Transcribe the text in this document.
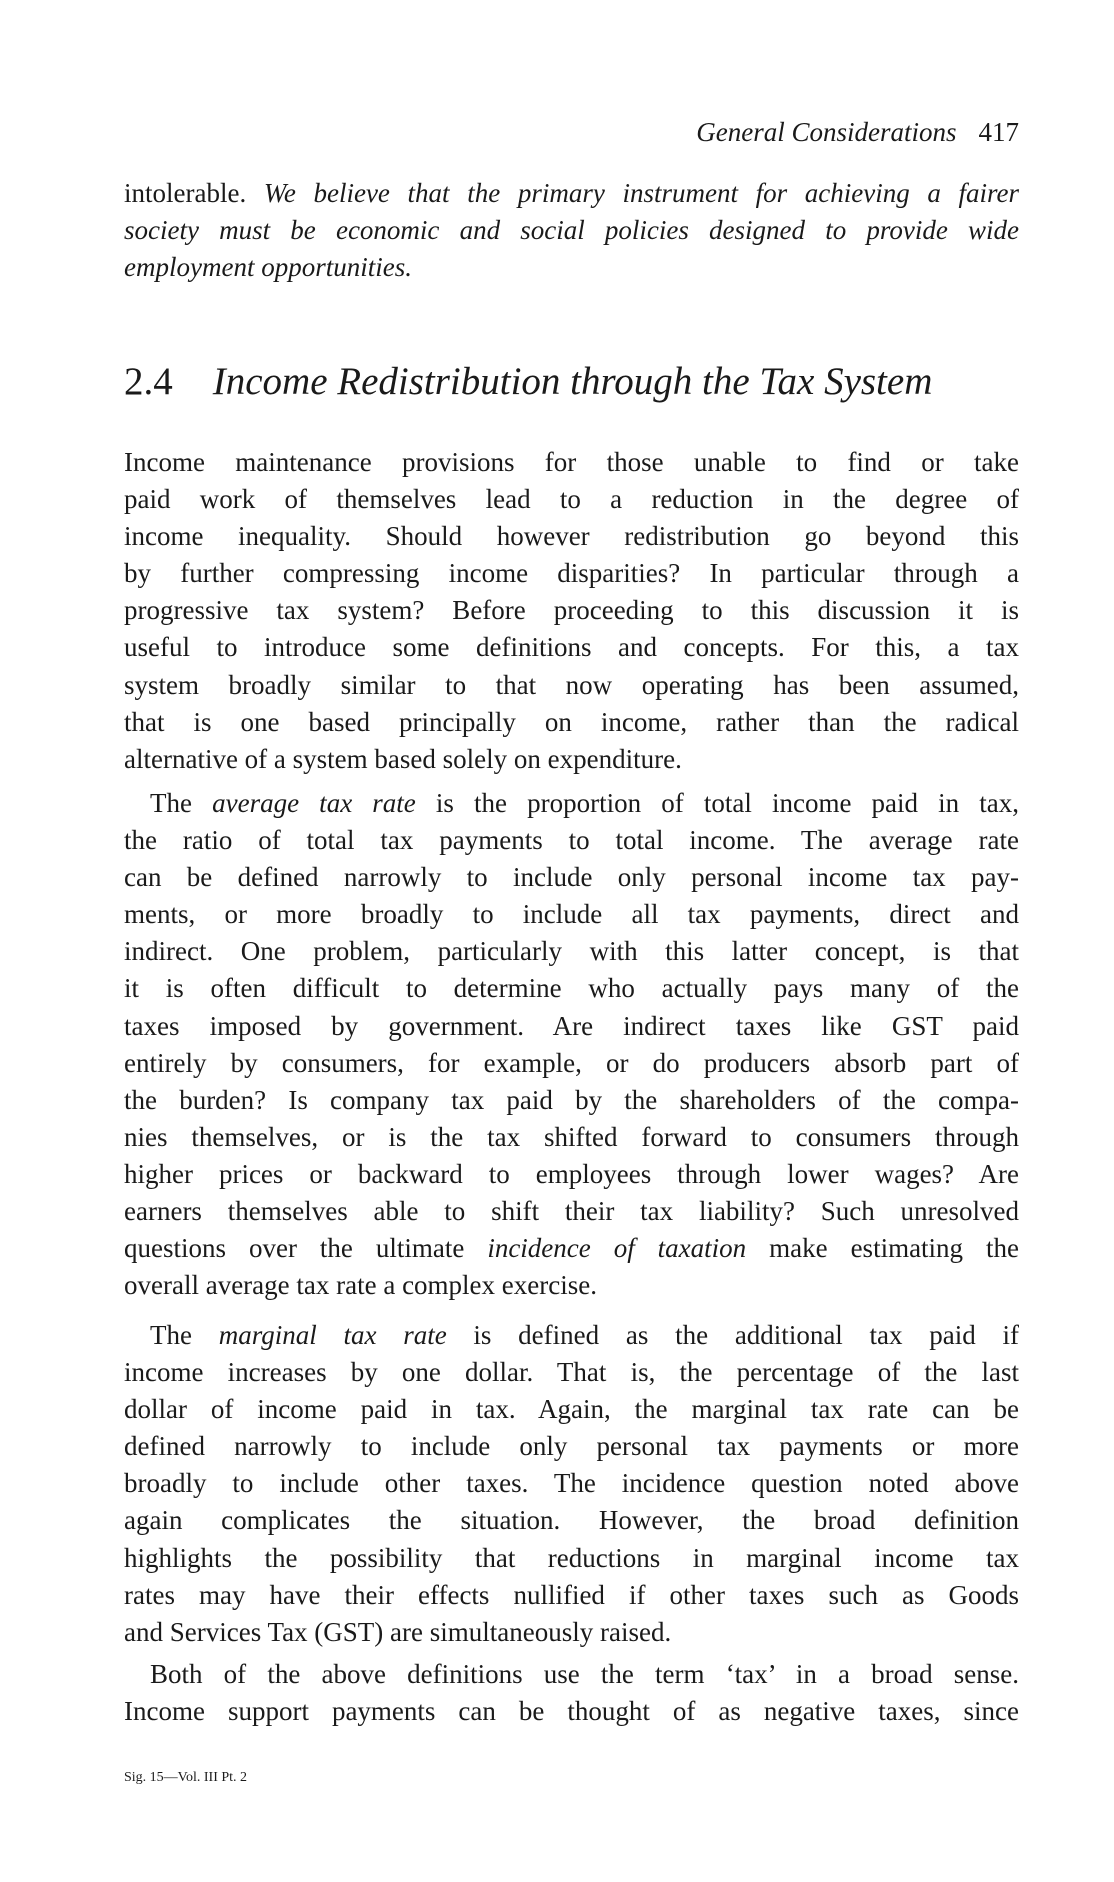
General Considerations 417
intolerable. We believe that the primary instrument for achieving a fairer
society must be economic and social policies designed to provide wide
employment opportunities.
2.4 Income Redistribution through the Tax System
Income maintenance provisions for those unable to find or take
paid work of themselves lead to a reduction in the degree of
income inequality. Should however redistribution go beyond this
by further compressing income disparities? In particular through a
progressive tax system? Before proceeding to this discussion it is
useful to introduce some definitions and concepts. For this, a tax
system broadly similar to that now operating has been assumed,
that is one based principally on income, rather than the radical
alternative of a system based solely on expenditure.
The average tax rate is the proportion of total income paid in tax,
the ratio of total tax payments to total income. The average rate
can be defined narrowly to include only personal income tax pay-
ments, or more broadly to include all tax payments, direct and
indirect. One problem, particularly with this latter concept, is that
it is often difficult to determine who actually pays many of the
taxes imposed by government. Are indirect taxes like GST paid
entirely by consumers, for example, or do producers absorb part of
the burden? Is company tax paid by the shareholders of the compa-
nies themselves, or is the tax shifted forward to consumers through
higher prices or backward to employees through lower wages? Are
earners themselves able to shift their tax liability? Such unresolved
questions over the ultimate incidence of taxation make estimating the
overall average tax rate a complex exercise.
The marginal tax rate is defined as the additional tax paid if
income increases by one dollar. That is, the percentage of the last
dollar of income paid in tax. Again, the marginal tax rate can be
defined narrowly to include only personal tax payments or more
broadly to include other taxes. The incidence question noted above
again complicates the situation. However, the broad definition
highlights the possibility that reductions in marginal income tax
rates may have their effects nullified if other taxes such as Goods
and Services Tax (GST) are simultaneously raised.
Both of the above definitions use the term ‘tax’ in a broad sense.
Income support payments can be thought of as negative taxes, since
Sig. 15—Vol. III Pt. 2
